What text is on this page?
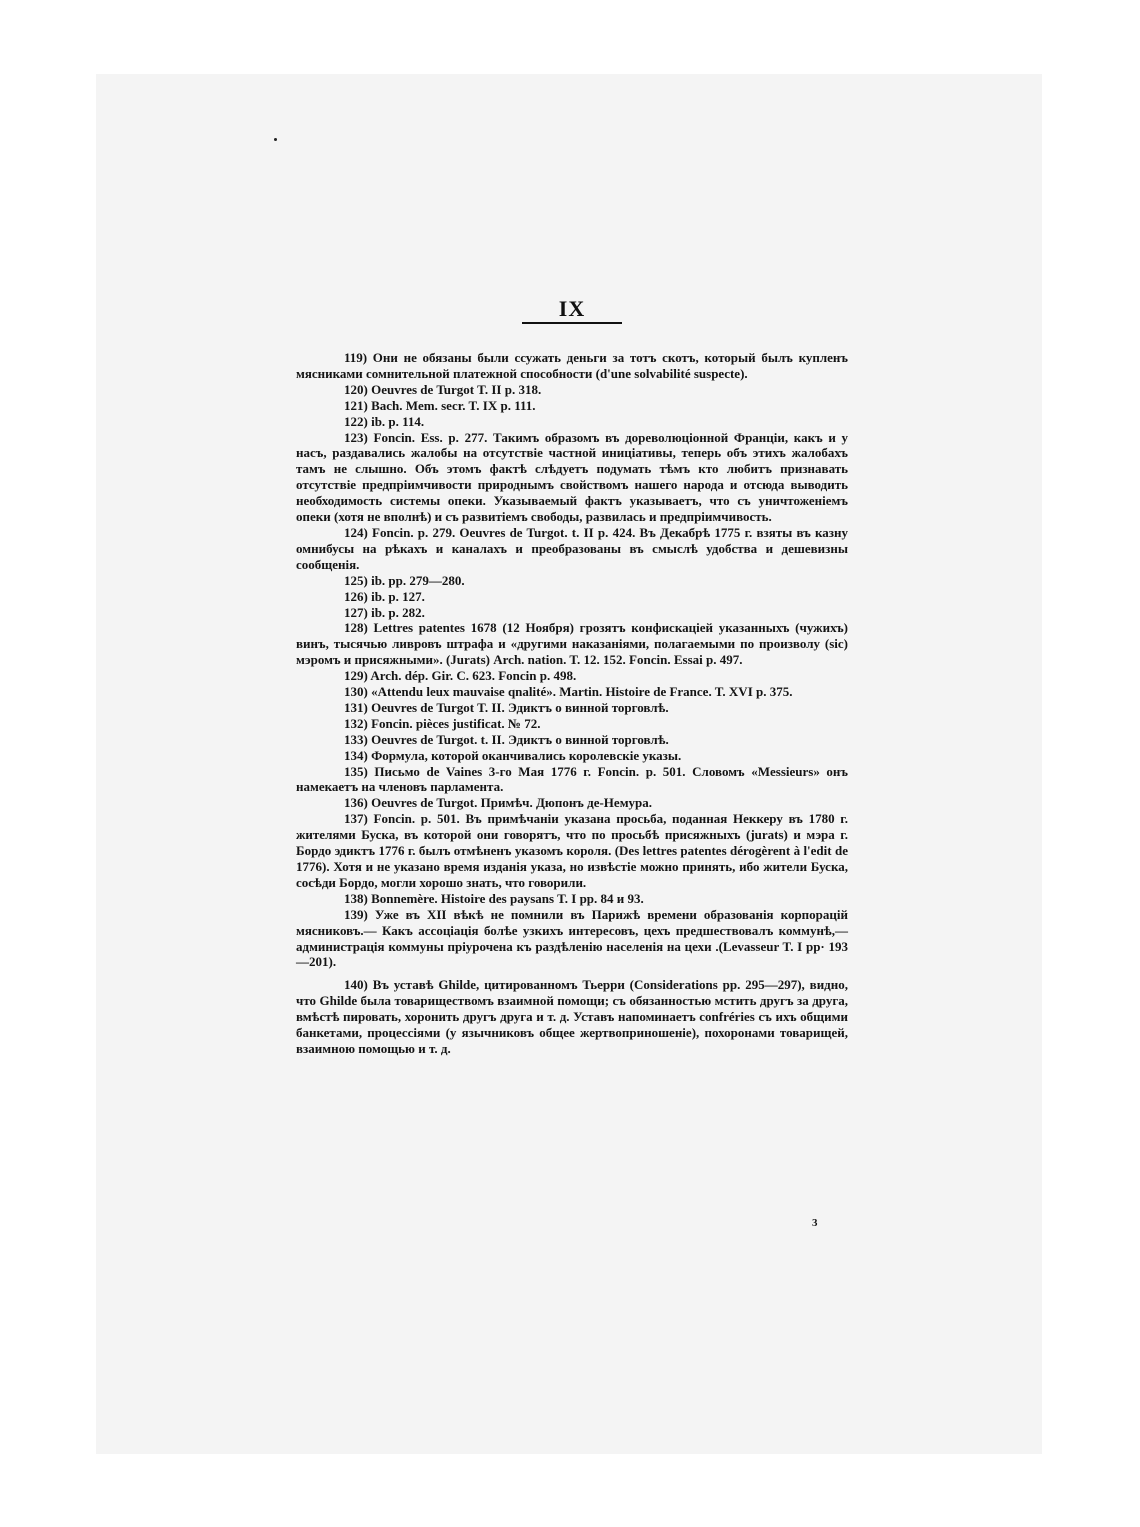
IX

119) Они не обязаны были ссужать деньги за тотъ скотъ, который былъ купленъ мясниками сомнительной платежной способности (d'une solvabilité suspecte).

120) Oeuvres de Turgot T. II p. 318.

121) Bach. Mem. secr. T. IX p. 111.

122) ib. p. 114.

123) Foncin. Ess. p. 277. Такимъ образомъ въ дореволюціонной Франціи, какъ и у насъ, раздавались жалобы на отсутствіе частной иниціативы, теперь объ этихъ жалобахъ тамъ не слышно. Объ этомъ фактѣ слѣдуетъ подумать тѣмъ кто любитъ признавать отсутствіе предпріимчивости природнымъ свойствомъ нашего народа и отсюда выводить необходимость системы опеки. Указываемый фактъ указываетъ, что съ уничтоженіемъ опеки (хотя не вполнѣ) и съ развитіемъ свободы, развилась и предпріимчивость.

124) Foncin. p. 279. Oeuvres de Turgot. t. II p. 424. Въ Декабрѣ 1775 г. взяты въ казну омнибусы на рѣкахъ и каналахъ и преобразованы въ смыслѣ удобства и дешевизны сообщенія.

125) ib. pp. 279—280.

126) ib. p. 127.

127) ib. p. 282.

128) Lettres patentes 1678 (12 Ноября) грозятъ конфискаціей указанныхъ (чужихъ) винъ, тысячью ливровъ штрафа и «другими наказаніями, полагаемыми по произволу (sic) мэромъ и присяжными». (Jurats) Arch. nation. T. 12. 152. Foncin. Essai p. 497.

129) Arch. dép. Gir. C. 623. Foncin p. 498.

130) «Attendu leux mauvaise qnalité». Martin. Histoire de France. T. XVI p. 375.

131) Oeuvres de Turgot T. II. Эдиктъ о винной торговлѣ.

132) Foncin. pièces justificat. № 72.

133) Oeuvres de Turgot. t. II. Эдиктъ о винной торговлѣ.

134) Формула, которой оканчивались королевскіе указы.

135) Письмо de Vaines 3-го Мая 1776 г. Foncin. p. 501. Словомъ «Messieurs» онъ намекаетъ на членовъ парламента.

136) Oeuvres de Turgot. Примѣч. Дюпонъ де-Немура.

137) Foncin. p. 501. Въ примѣчаніи указана просьба, поданная Неккеру въ 1780 г. жителями Буска, въ которой они говорятъ, что по просьбѣ присяжныхъ (jurats) и мэра г. Бордо эдиктъ 1776 г. былъ отмѣненъ указомъ короля. (Des lettres patentes dérogèrent à l'edit de 1776). Хотя и не указано время изданія указа, но извѣстіе можно принять, ибо жители Буска, сосѣди Бордо, могли хорошо знать, что говорили.

138) Bonnemère. Histoire des paysans T. I pp. 84 и 93.

139) Уже въ XII вѣкѣ не помнили въ Парижѣ времени образованія корпорацій мясниковъ.— Какъ ассоціація болѣе узкихъ интересовъ, цехъ предшествовалъ коммунѣ,—администрація коммуны пріурочена къ раздѣленію населенія на цехи .(Levasseur T. I pp· 193—201).

140) Въ уставѣ Ghilde, цитированномъ Тьерри (Considerations pp. 295—297), видно, что Ghilde была товариществомъ взаимной помощи; съ обязанностью мстить другъ за друга, вмѣстѣ пировать, хоронить другъ друга и т. д. Уставъ напоминаетъ confréries съ ихъ общими банкетами, процессіями (у язычниковъ общее жертвоприношеніе), похоронами товарищей, взаимною помощью и т. д.

3
